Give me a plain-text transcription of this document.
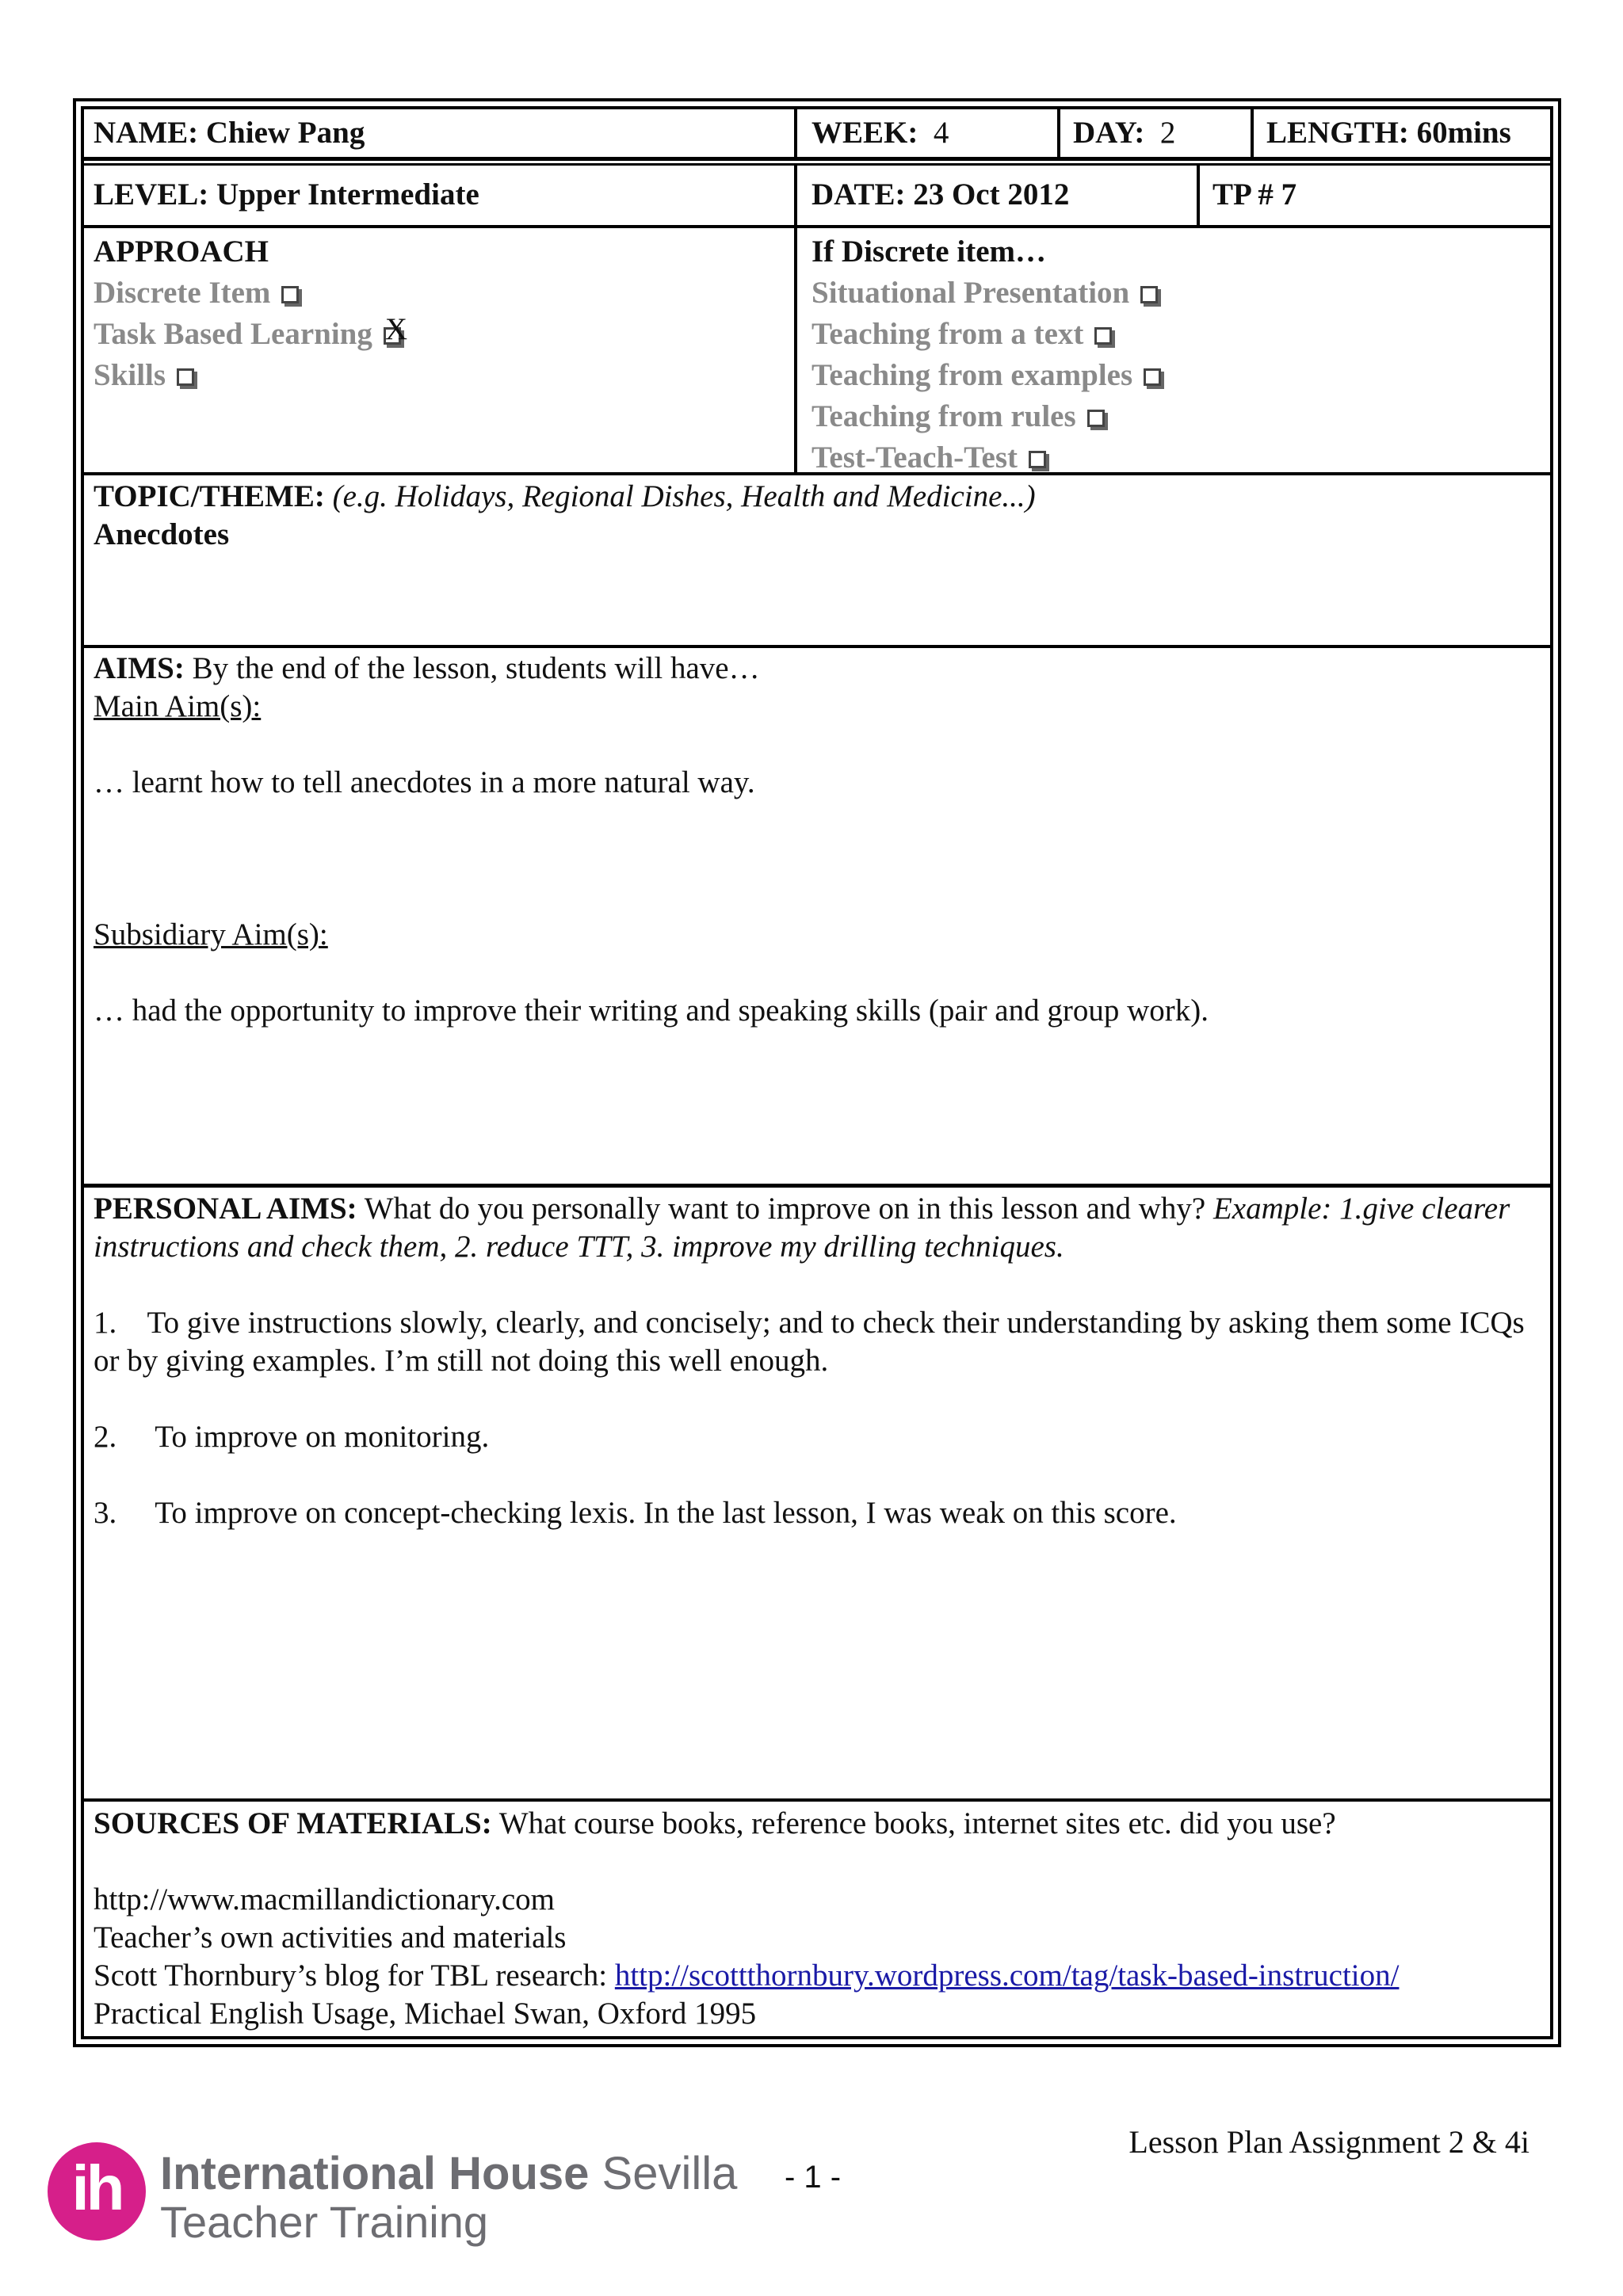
NAME: Chiew Pang	WEEK: 4	DAY: 2	LENGTH: 60mins
LEVEL: Upper Intermediate	DATE: 23 Oct 2012	TP # 7
APPROACH
Discrete Item
Task Based Learning X
Skills
If Discrete item…
Situational Presentation
Teaching from a text
Teaching from examples
Teaching from rules
Test-Teach-Test
TOPIC/THEME: (e.g. Holidays, Regional Dishes, Health and Medicine...)
Anecdotes
AIMS: By the end of the lesson, students will have…
Main Aim(s):
… learnt how to tell anecdotes in a more natural way.
Subsidiary Aim(s):
… had the opportunity to improve their writing and speaking skills (pair and group work).
PERSONAL AIMS: What do you personally want to improve on in this lesson and why? Example: 1.give clearer instructions and check them, 2. reduce TTT, 3. improve my drilling techniques.
1. To give instructions slowly, clearly, and concisely; and to check their understanding by asking them some ICQs or by giving examples. I’m still not doing this well enough.
2. To improve on monitoring.
3. To improve on concept-checking lexis. In the last lesson, I was weak on this score.
SOURCES OF MATERIALS: What course books, reference books, internet sites etc. did you use?
http://www.macmillandictionary.com
Teacher’s own activities and materials
Scott Thornbury’s blog for TBL research: http://scottthornbury.wordpress.com/tag/task-based-instruction/
Practical English Usage, Michael Swan, Oxford 1995
Lesson Plan Assignment 2 & 4i
- 1 -
ih International House Sevilla
Teacher Training
